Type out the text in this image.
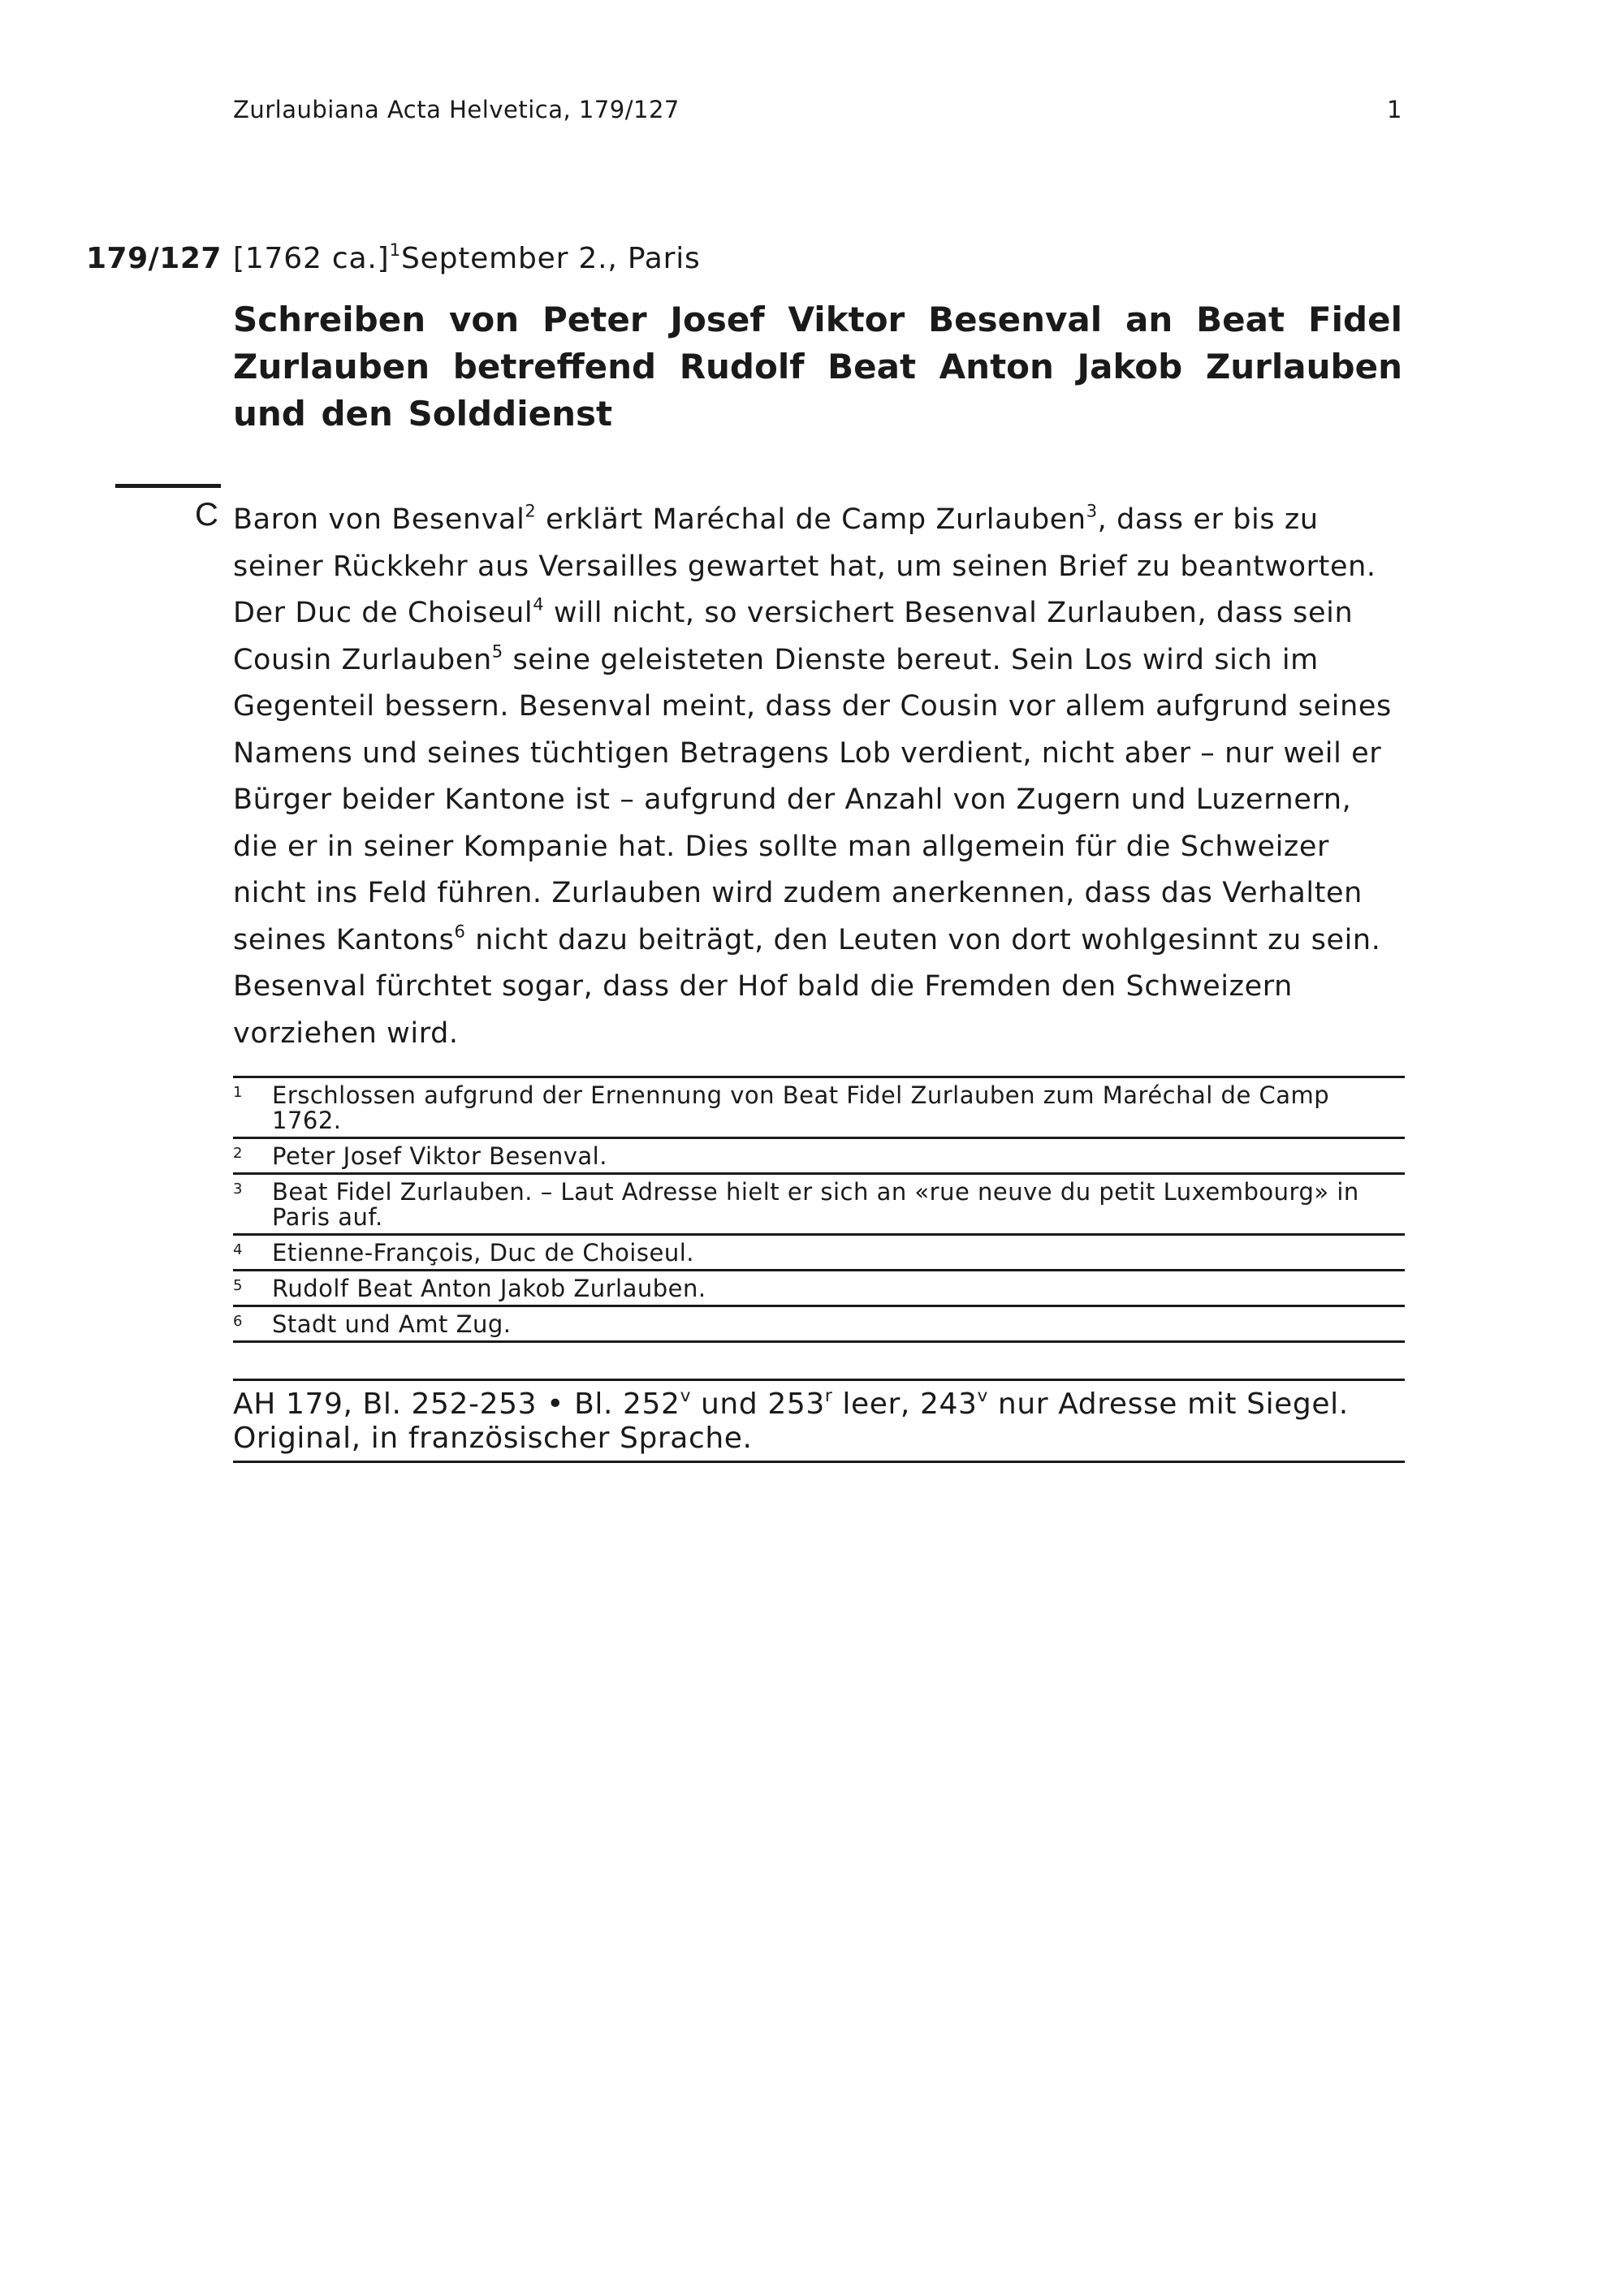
Zurlaubiana Acta Helvetica, 179/127	1
179/127 [1762 ca.]$^1$September 2., Paris
Schreiben von Peter Josef Viktor Besenval an Beat Fidel Zurlauben betreffend Rudolf Beat Anton Jakob Zurlauben und den Solddienst
C Baron von Besenval$^2$ erklärt Maréchal de Camp Zurlauben$^3$, dass er bis zu seiner Rückkehr aus Versailles gewartet hat, um seinen Brief zu beantworten. Der Duc de Choiseul$^4$ will nicht, so versichert Besenval Zurlauben, dass sein Cousin Zurlauben$^5$ seine geleisteten Dienste bereut. Sein Los wird sich im Gegenteil bessern. Besenval meint, dass der Cousin vor allem aufgrund seines Namens und seines tüchtigen Betragens Lob verdient, nicht aber – nur weil er Bürger beider Kantone ist – aufgrund der Anzahl von Zugern und Luzernern, die er in seiner Kompanie hat. Dies sollte man allgemein für die Schweizer nicht ins Feld führen. Zurlauben wird zudem anerkennen, dass das Verhalten seines Kantons$^6$ nicht dazu beiträgt, den Leuten von dort wohlgesinnt zu sein. Besenval fürchtet sogar, dass der Hof bald die Fremden den Schweizern vorziehen wird.

1 Erschlossen aufgrund der Ernennung von Beat Fidel Zurlauben zum Maréchal de Camp 1762.
2 Peter Josef Viktor Besenval.
3 Beat Fidel Zurlauben. – Laut Adresse hielt er sich an «rue neuve du petit Luxembourg» in Paris auf.
4 Etienne-François, Duc de Choiseul.
5 Rudolf Beat Anton Jakob Zurlauben.
6 Stadt und Amt Zug.
AH 179, Bl. 252-253 • Bl. 252$^v$ und 253$^r$ leer, 243$^v$ nur Adresse mit Siegel.
Original, in französischer Sprache.
